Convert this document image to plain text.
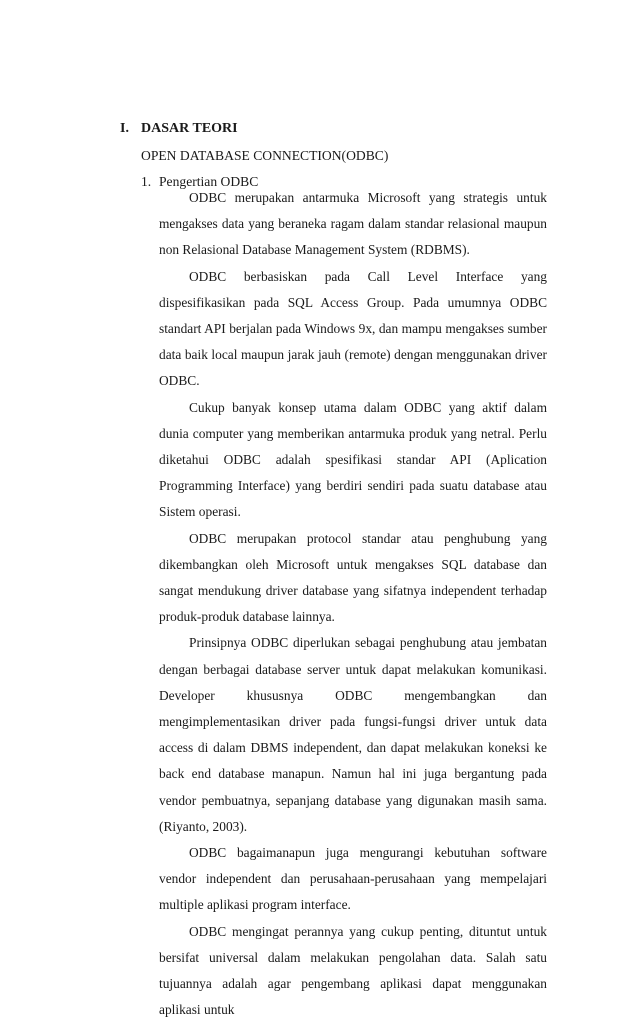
I. DASAR TEORI
OPEN DATABASE CONNECTION(ODBC)
1. Pengertian ODBC

ODBC merupakan antarmuka Microsoft yang strategis untuk mengakses data yang beraneka ragam dalam standar relasional maupun non Relasional Database Management System (RDBMS).

ODBC berbasiskan pada Call Level Interface yang dispesifikasikan pada SQL Access Group. Pada umumnya ODBC standart API berjalan pada Windows 9x, dan mampu mengakses sumber data baik local maupun jarak jauh (remote) dengan menggunakan driver ODBC.

Cukup banyak konsep utama dalam ODBC yang aktif dalam dunia computer yang memberikan antarmuka produk yang netral. Perlu diketahui ODBC adalah spesifikasi standar API (Aplication Programming Interface) yang berdiri sendiri pada suatu database atau Sistem operasi.

ODBC merupakan protocol standar atau penghubung yang dikembangkan oleh Microsoft untuk mengakses SQL database dan sangat mendukung driver database yang sifatnya independent terhadap produk-produk database lainnya.

Prinsipnya ODBC diperlukan sebagai penghubung atau jembatan dengan berbagai database server untuk dapat melakukan komunikasi. Developer khususnya ODBC mengembangkan dan mengimplementasikan driver pada fungsi-fungsi driver untuk data access di dalam DBMS independent, dan dapat melakukan koneksi ke back end database manapun. Namun hal ini juga bergantung pada vendor pembuatnya, sepanjang database yang digunakan masih sama. (Riyanto, 2003).

ODBC bagaimanapun juga mengurangi kebutuhan software vendor independent dan perusahaan-perusahaan yang mempelajari multiple aplikasi program interface.

ODBC mengingat perannya yang cukup penting, dituntut untuk bersifat universal dalam melakukan pengolahan data. Salah satu tujuannya adalah agar pengembang aplikasi dapat menggunakan aplikasi untuk
